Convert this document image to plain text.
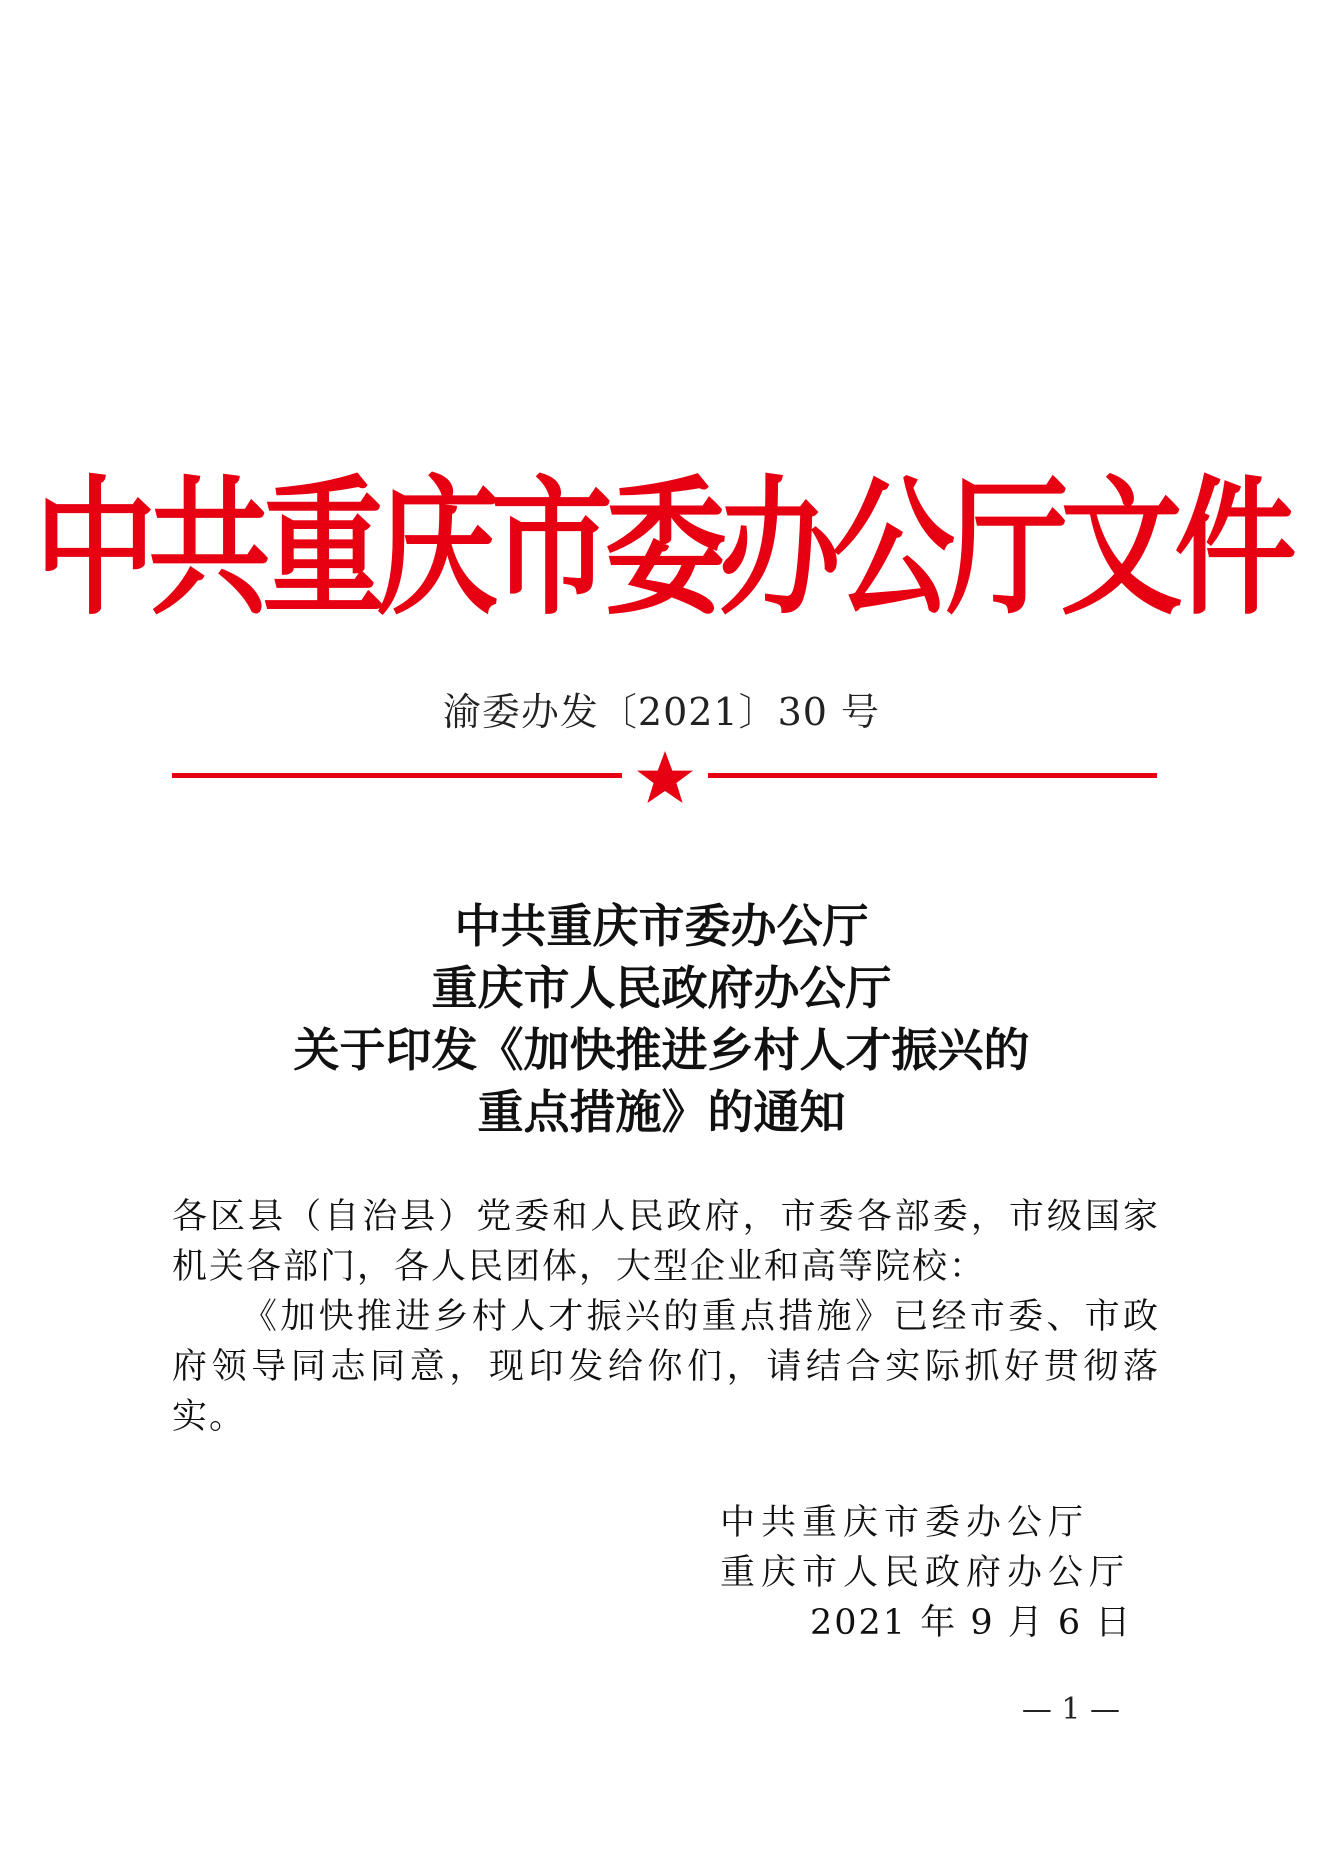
中共重庆市委办公厅文件
渝委办发〔2021〕30 号
中共重庆市委办公厅
重庆市人民政府办公厅
关于印发《加快推进乡村人才振兴的
重点措施》的通知

各区县（自治县）党委和人民政府，市委各部委，市级国家机关各部门，各人民团体，大型企业和高等院校：

《加快推进乡村人才振兴的重点措施》已经市委、市政府领导同志同意，现印发给你们，请结合实际抓好贯彻落实。

中共重庆市委办公厅
重庆市人民政府办公厅
2021 年 9 月 6 日
— 1 —
